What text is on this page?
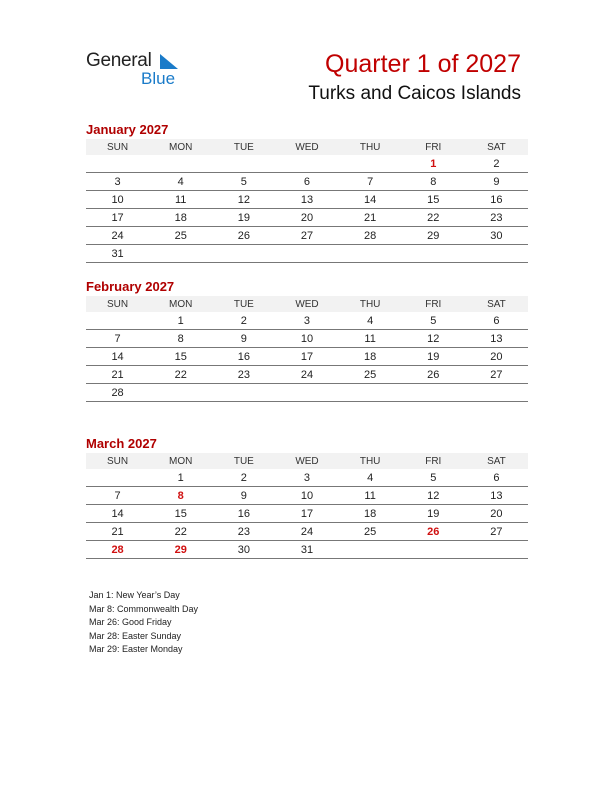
General
Blue
Quarter 1 of 2027
Turks and Caicos Islands
January 2027
SUN	MON	TUE	WED	THU	FRI	SAT
					1	2
3	4	5	6	7	8	9
10	11	12	13	14	15	16
17	18	19	20	21	22	23
24	25	26	27	28	29	30
31						
February 2027
SUN	MON	TUE	WED	THU	FRI	SAT
	1	2	3	4	5	6
7	8	9	10	11	12	13
14	15	16	17	18	19	20
21	22	23	24	25	26	27
28						
March 2027
SUN	MON	TUE	WED	THU	FRI	SAT
	1	2	3	4	5	6
7	8	9	10	11	12	13
14	15	16	17	18	19	20
21	22	23	24	25	26	27
28	29	30	31			
Jan 1: New Year’s Day
Mar 8: Commonwealth Day
Mar 26: Good Friday
Mar 28: Easter Sunday
Mar 29: Easter Monday
